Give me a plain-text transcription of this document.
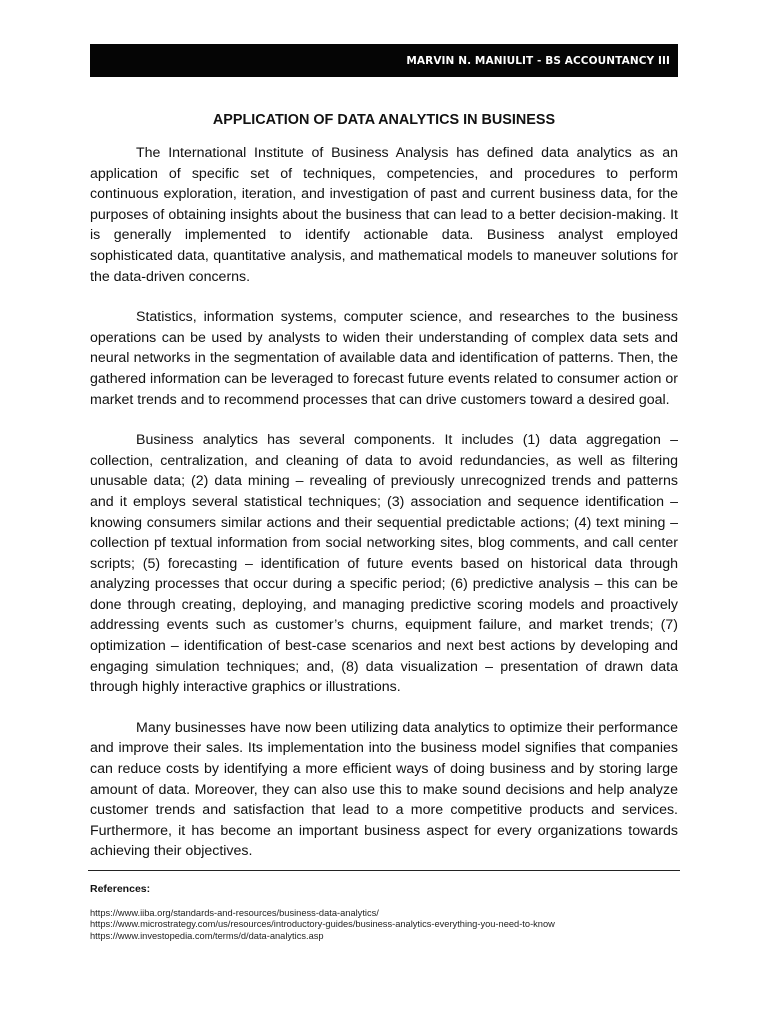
MARVIN N. MANIULIT - BS ACCOUNTANCY III
APPLICATION OF DATA ANALYTICS IN BUSINESS

The International Institute of Business Analysis has defined data analytics as an application of specific set of techniques, competencies, and procedures to perform continuous exploration, iteration, and investigation of past and current business data, for the purposes of obtaining insights about the business that can lead to a better decision-making. It is generally implemented to identify actionable data. Business analyst employed sophisticated data, quantitative analysis, and mathematical models to maneuver solutions for the data-driven concerns.

Statistics, information systems, computer science, and researches to the business operations can be used by analysts to widen their understanding of complex data sets and neural networks in the segmentation of available data and identification of patterns. Then, the gathered information can be leveraged to forecast future events related to consumer action or market trends and to recommend processes that can drive customers toward a desired goal.

Business analytics has several components. It includes (1) data aggregation – collection, centralization, and cleaning of data to avoid redundancies, as well as filtering unusable data; (2) data mining – revealing of previously unrecognized trends and patterns and it employs several statistical techniques; (3) association and sequence identification – knowing consumers similar actions and their sequential predictable actions; (4) text mining – collection pf textual information from social networking sites, blog comments, and call center scripts; (5) forecasting – identification of future events based on historical data through analyzing processes that occur during a specific period; (6) predictive analysis – this can be done through creating, deploying, and managing predictive scoring models and proactively addressing events such as customer’s churns, equipment failure, and market trends; (7) optimization – identification of best-case scenarios and next best actions by developing and engaging simulation techniques; and, (8) data visualization – presentation of drawn data through highly interactive graphics or illustrations.

Many businesses have now been utilizing data analytics to optimize their performance and improve their sales. Its implementation into the business model signifies that companies can reduce costs by identifying a more efficient ways of doing business and by storing large amount of data. Moreover, they can also use this to make sound decisions and help analyze customer trends and satisfaction that lead to a more competitive products and services. Furthermore, it has become an important business aspect for every organizations towards achieving their objectives.

References:

https://www.iiba.org/standards-and-resources/business-data-analytics/
https://www.microstrategy.com/us/resources/introductory-guides/business-analytics-everything-you-need-to-know
https://www.investopedia.com/terms/d/data-analytics.asp
